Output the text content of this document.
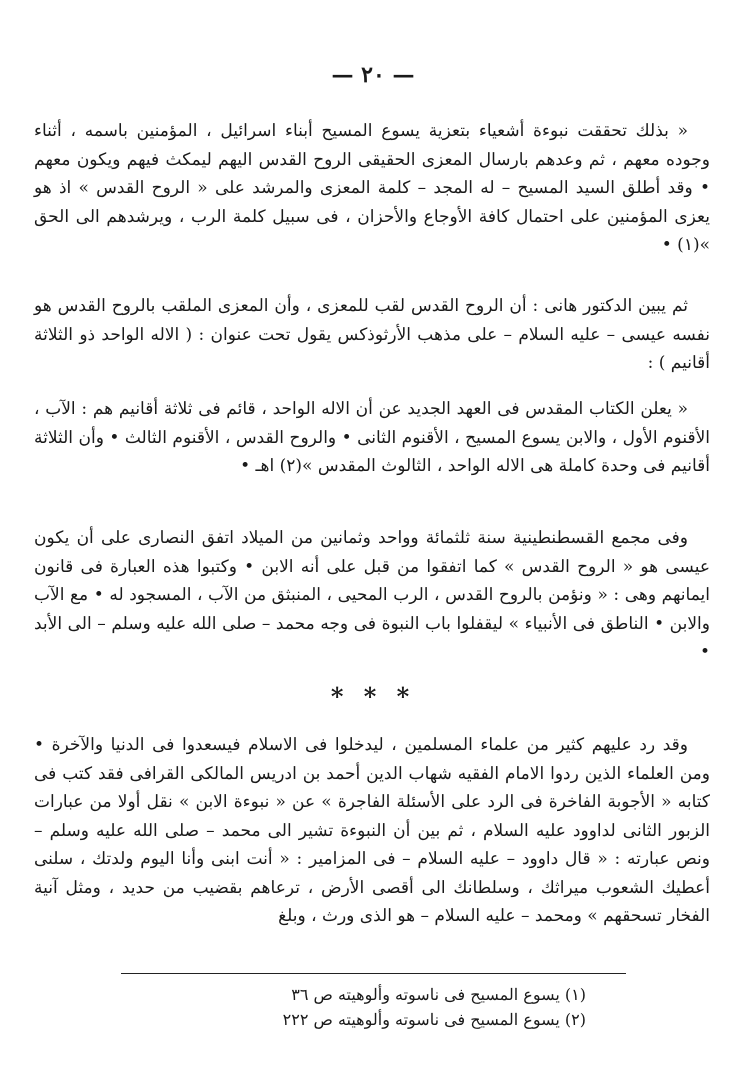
— ٢٠ —

« بذلك تحققت نبوءة أشعياء بتعزية يسوع المسيح أبناء اسرائيل ، المؤمنين باسمه ، أثناء وجوده معهم ، ثم وعدهم بارسال المعزى الحقيقى الروح القدس اليهم ليمكث فيهم ويكون معهم • وقد أطلق السيد المسيح – له المجد – كلمة المعزى والمرشد على « الروح القدس » اذ هو يعزى المؤمنين على احتمال كافة الأوجاع والأحزان ، فى سبيل كلمة الرب ، ويرشدهم الى الحق »(١) •

ثم يبين الدكتور هانى : أن الروح القدس لقب للمعزى ، وأن المعزى الملقب بالروح القدس هو نفسه عيسى – عليه السلام – على مذهب الأرثوذكس يقول تحت عنوان : ( الاله الواحد ذو الثلاثة أقانيم ) :

« يعلن الكتاب المقدس فى العهد الجديد عن أن الاله الواحد ، قائم فى ثلاثة أقانيم هم : الآب ، الأقنوم الأول ، والابن يسوع المسيح ، الأقنوم الثانى • والروح القدس ، الأقنوم الثالث • وأن الثلاثة أقانيم فى وحدة كاملة هى الاله الواحد ، الثالوث المقدس »(٢) اهـ •

وفى مجمع القسطنطينية سنة ثلثمائة وواحد وثمانين من الميلاد اتفق النصارى على أن يكون عيسى هو « الروح القدس » كما اتفقوا من قبل على أنه الابن • وكتبوا هذه العبارة فى قانون ايمانهم وهى : « ونؤمن بالروح القدس ، الرب المحيى ، المنبثق من الآب ، المسجود له • مع الآب والابن • الناطق فى الأنبياء » ليقفلوا باب النبوة فى وجه محمد – صلى الله عليه وسلم – الى الأبد •

* * *

وقد رد عليهم كثير من علماء المسلمين ، ليدخلوا فى الاسلام فيسعدوا فى الدنيا والآخرة • ومن العلماء الذين ردوا الامام الفقيه شهاب الدين أحمد بن ادريس المالكى القرافى فقد كتب فى كتابه « الأجوبة الفاخرة فى الرد على الأسئلة الفاجرة » عن « نبوءة الابن » نقل أولا من عبارات الزبور الثانى لداوود عليه السلام ، ثم بين أن النبوءة تشير الى محمد – صلى الله عليه وسلم – ونص عبارته : « قال داوود – عليه السلام – فى المزامير : « أنت ابنى وأنا اليوم ولدتك ، سلنى أعطيك الشعوب ميراثك ، وسلطانك الى أقصى الأرض ، ترعاهم بقضيب من حديد ، ومثل آنية الفخار تسحقهم » ومحمد – عليه السلام – هو الذى ورث ، وبلغ

(١) يسوع المسيح فى ناسوته وألوهيته ص ٣٦
(٢) يسوع المسيح فى ناسوته وألوهيته ص ٢٢٢
